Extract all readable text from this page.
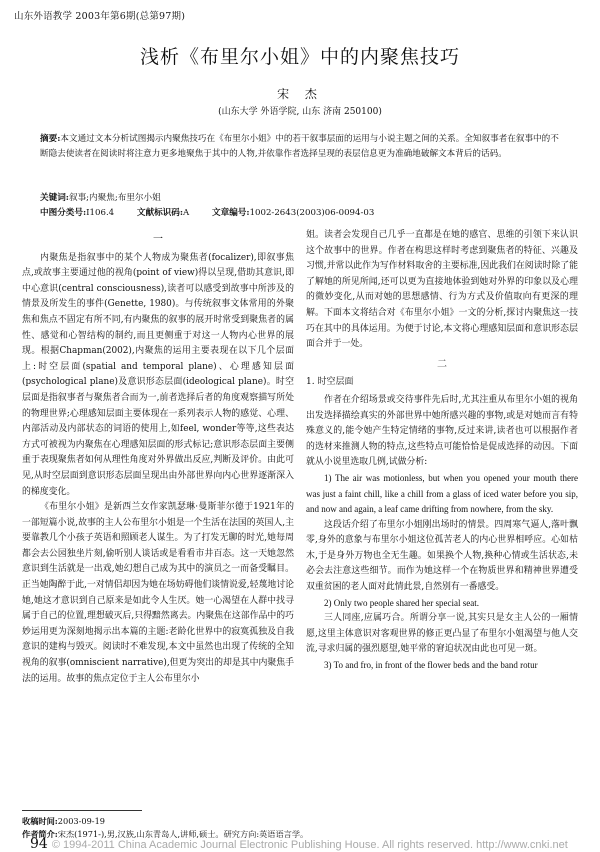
山东外语教学 2003年第6期(总第97期)
浅析《布里尔小姐》中的内聚焦技巧
宋 杰
(山东大学 外语学院, 山东 济南 250100)
摘要:本文通过文本分析试图揭示内聚焦技巧在《布里尔小姐》中的若干叙事层面的运用与小说主题之间的关系。全知叙事者在叙事中的不断隐去使读者在阅读时将注意力更多地聚焦于其中的人物,并依靠作者选择呈现的表层信息更为准确地破解文本背后的话码。
关键词:叙事;内聚焦;布里尔小姐
中图分类号:I106.4	文献标识码:A	文章编号:1002-2643(2003)06-0094-03
一

内聚焦是指叙事中的某个人物成为聚焦者(focalizer),即叙事焦点,或故事主要通过他的视角(point of view)得以呈现,借助其意识,即中心意识(central consciousness),读者可以感受到故事中所涉及的情景及所发生的事件(Genette, 1980)。与传统叙事文体常用的外聚焦和焦点不固定有所不同,有内聚焦的叙事的展开时常受到聚焦者的属性、感觉和心智结构的制约,而且更侧重于对这一人物内心世界的展现。根据Chapman(2002),内聚焦的运用主要表现在以下几个层面上:时空层面(spatial and temporal plane)、心理感知层面(psychological plane)及意识形态层面(ideological plane)。时空层面是指叙事者与聚焦者合而为一,前者选择后者的角度观察描写所处的物理世界;心理感知层面主要体现在一系列表示人物的感觉、心理、内部活动及内部状态的词语的使用上,如feel, wonder等等,这些表达方式可被视为内聚焦在心理感知层面的形式标记;意识形态层面主要侧重于表现聚焦者如何从理性角度对外界做出反应,判断及评价。由此可见,从时空层面到意识形态层面呈现出由外部世界向内心世界逐渐深入的梯度变化。

《布里尔小姐》是新西兰女作家凯瑟琳·曼斯菲尔德于1921年的一部短篇小说,故事的主人公布里尔小姐是一个生活在法国的英国人,主要靠教几个小孩子英语和照顾老人谋生。为了打发无聊的时光,她每周都会去公园独坐片刻,偷听别人谈话或是看看市井百态。这一天她忽然意识到生活就是一出戏,她幻想自己成为其中的演员之一而备受瞩目。正当她陶醉于此,一对情侣却因为她在场妨碍他们谈情说爱,轻蔑地讨论她,她这才意识到自己原来是如此令人生厌。她一心渴望在人群中找寻属于自己的位置,理想破灭后,只得黯然离去。内聚焦在这部作品中的巧妙运用更为深刻地揭示出本篇的主题:老龄化世界中的寂寞孤独及自我意识的建构与毁灭。阅读时不难发现,本文中虽然也出现了传统的全知视角的叙事(omniscient narrative),但更为突出的却是其中内聚焦手法的运用。故事的焦点定位于主人公布里尔小

姐。读者会发现自己几乎一直都是在她的感官、思维的引领下来认识这个故事中的世界。作者在构思这样时考虑到聚焦者的特征、兴趣及习惯,并常以此作为写作材料取舍的主要标准,因此我们在阅读时除了能了解她的所见所闻,还可以更为直接地体验到她对外界的印象以及心理的微妙变化,从而对她的思想感情、行为方式及价值取向有更深的理解。下面本文将结合对《布里尔小姐》一文的分析,探讨内聚焦这一技巧在其中的具体运用。为便于讨论,本文将心理感知层面和意识形态层面合并于一处。

二
1. 时空层面

作者在介绍场景或交待事件先后时,尤其注重从布里尔小姐的视角出发选择描绘真实的外部世界中她所感兴趣的事物,或是对她而言有特殊意义的,能令她产生特定情绪的事物,反过来讲,读者也可以根据作者的选材来推测人物的特点,这些特点可能恰恰是促成选择的动因。下面就从小说里选取几例,试做分析:

1) The air was motionless, but when you opened your mouth there was just a faint chill, like a chill from a glass of iced water before you sip, and now and again, a leaf came drifting from nowhere, from the sky.

这段话介绍了布里尔小姐刚出场时的情景。四周寒气逼人,落叶飘零,身外的意象与布里尔小姐这位孤苦老人的内心世界相呼应。心如枯木,于是身外万物也全无生趣。如果换个人物,换种心情或生活状态,未必会去注意这些细节。而作为她这样一个在物质世界和精神世界遭受双重贫困的老人面对此情此景,自然别有一番感受。

2) Only two people shared her special seat.

三人同座,应属巧合。所谓分享一说,其实只是女主人公的一厢情愿,这里主体意识对客观世界的修正更凸显了布里尔小姐渴望与他人交流,寻求归属的强烈愿望,她平常的窘迫状况由此也可见一斑。

3) To and fro, in front of the flower beds and the band rotur

收稿时间:2003-09-19
作者简介:宋杰(1971-),男,汉族,山东青岛人,讲师,硕士。研究方向:英语语言学。
94 © 1994-2011 China Academic Journal Electronic Publishing House. All rights reserved. http://www.cnki.net
